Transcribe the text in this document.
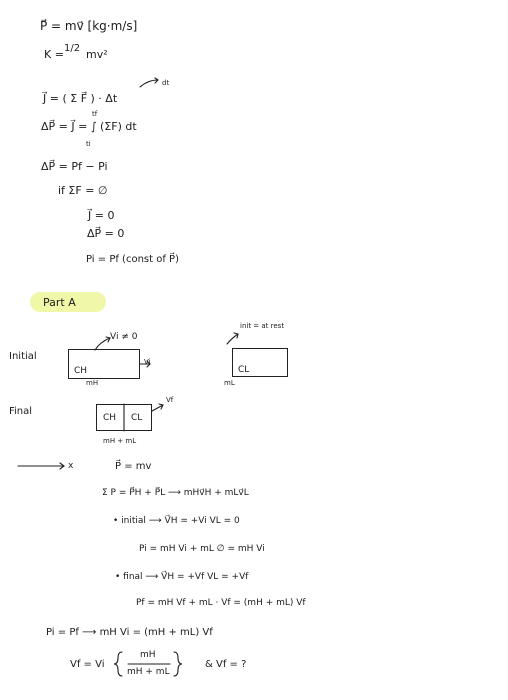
P⃗ = mv⃗ [kg·m/s]
K = 1/2 mv²
J⃗ = ( Σ F⃗ ) · Δt
dt
ΔP⃗ = J⃗ = ∫ (ΣF) dt
tf
ti
ΔP⃗ = Pf − Pi
if ΣF = ∅
J⃗ = 0
ΔP⃗ = 0
Pi = Pf (const of P⃗)
Part A
Initial
Vi ≠ 0
CH
Vi
mH
init = at rest
CL
mL
Final
CH CL
Vf
mH + mL
x	P⃗ = mv
Σ P = P⃗H + P⃗L ⟶ mHv⃗H + mLv⃗L
• initial ⟶ V⃗H = +Vi VL = 0
Pi = mH Vi + mL ∅ = mH Vi
• final ⟶ V⃗H = +Vf VL = +Vf
Pf = mH Vf + mL · Vf = (mH + mL) Vf
Pi = Pf ⟶ mH Vi = (mH + mL) Vf
Vf = Vi
mH
mH + mL
& Vf = ?
